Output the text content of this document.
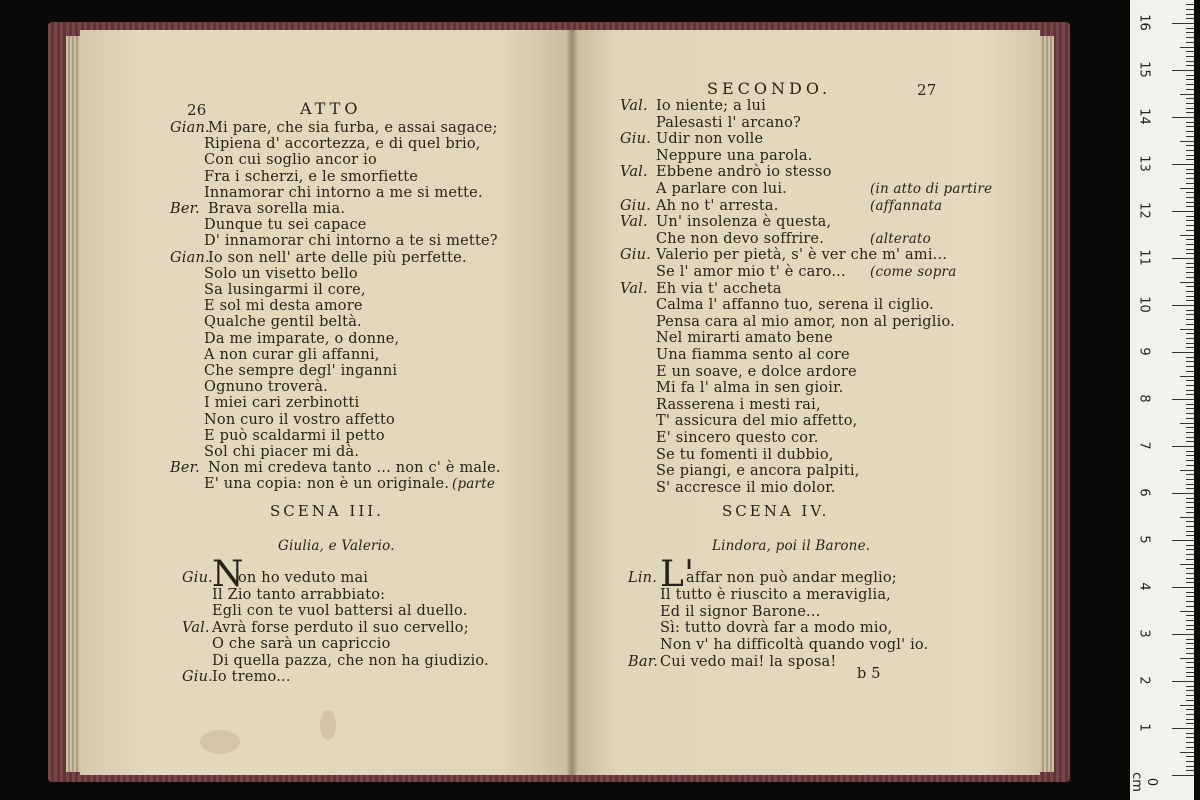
26	ATTO
Gian.
Mi pare, che sia furba, e assai sagace;
Ripiena d' accortezza, e di quel brio,
Con cui soglio ancor io
Fra i scherzi, e le smorfiette
Innamorar chi intorno a me si mette.
Ber. Brava sorella mia.
Dunque tu sei capace
D' innamorar chi intorno a te si mette?
Gian.
Io son nell' arte delle più perfette.
Solo un visetto bello
Sa lusingarmi il core,
E sol mi desta amore
Qualche gentil beltà.
Da me imparate, o donne,
A non curar gli affanni,
Che sempre degl' inganni
Ognuno troverà.
I miei cari zerbinotti
Non curo il vostro affetto
E può scaldarmi il petto
Sol chi piacer mi dà.
Ber. Non mi credeva tanto ... non c' è male.
E' una copia: non è un originale. (parte
SCENA III.
Giulia, e Valerio.
Giu. N
on ho veduto mai
Il Zio tanto arrabbiato:
Egli con te vuol battersi al duello.
Val. Avrà forse perduto il suo cervello;
O che sarà un capriccio
Di quella pazza, che non ha giudizio.
Giu. Io tremo...
SECONDO.	27
Val. Io niente; a lui
Palesasti l' arcano?
Giu. Udir non volle
Neppure una parola.
Val. Ebbene andrò io stesso
A parlare con lui.	(in atto di partire
Giu. Ah no t' arresta.	(affannata
Val. Un' insolenza è questa,
Che non devo soffrire.	(alterato
Giu. Valerio per pietà, s' è ver che m' ami...
Se l' amor mio t' è caro... (come sopra
Val. Eh via t' accheta
Calma l' affanno tuo, serena il ciglio.
Pensa cara al mio amor, non al periglio.
Nel mirarti amato bene
Una fiamma sento al core
E un soave, e dolce ardore
Mi fa l' alma in sen gioir.
Rasserena i mesti rai,
T' assicura del mio affetto,
E' sincero questo cor.
Se tu fomenti il dubbio,
Se piangi, e ancora palpiti,
S' accresce il mio dolor.
SCENA IV.
Lindora, poi il Barone.
Lin. L'
affar non può andar meglio;
Il tutto è riuscito a meraviglia,
Ed il signor Barone...
Sì: tutto dovrà far a modo mio,
Non v' ha difficoltà quando vogl' io.
Bar. Cui vedo mai! la sposa!
b 5
0 cm
1
2
3
4
5
6
7
8
9
10
11
12
13
14
15
16
